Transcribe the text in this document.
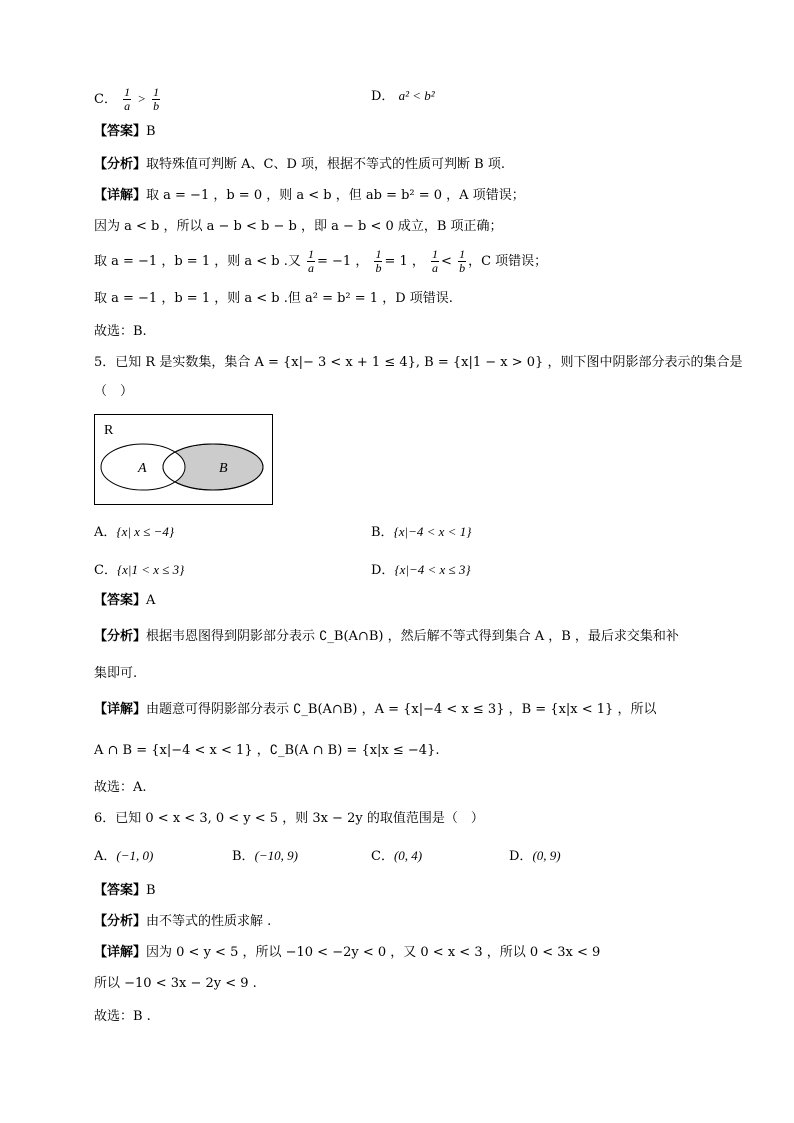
C． $\frac{1}{a} > \frac{1}{b}$	D． a² < b²
【答案】B
【分析】取特殊值可判断 A、C、D 项，根据不等式的性质可判断 B 项.
【详解】取 a = −1 ，b = 0 ，则 a < b ，但 ab = b² = 0 ，A 项错误；
因为 a < b ，所以 a − b < b − b ，即 a − b < 0 成立，B 项正确；
取 a = −1 ，b = 1 ，则 a < b .又 $\frac{1}{a} = -1$ ， $\frac{1}{b} = 1$ ， $\frac{1}{a} < \frac{1}{b}$ ，C 项错误；
取 a = −1 ，b = 1 ，则 a < b .但 a² = b² = 1 ，D 项错误.
故选：B.
5．已知 R 是实数集，集合 A = {x|− 3 < x + 1 ≤ 4}, B = {x|1 − x > 0} ，则下图中阴影部分表示的集合是
（　）
R
A	B
A．{x| x ≤ −4}	B．{x|−4 < x < 1}
C．{x|1 < x ≤ 3}	D．{x|−4 < x ≤ 3}
【答案】A
【分析】根据韦恩图得到阴影部分表示 ∁_B(A∩B) ，然后解不等式得到集合 A ，B ，最后求交集和补
集即可.
【详解】由题意可得阴影部分表示 ∁_B(A∩B) ，A = {x|−4 < x ≤ 3} ，B = {x|x < 1} ，所以
A ∩ B = {x|−4 < x < 1} ，∁_B(A ∩ B) = {x|x ≤ −4}.
故选：A.
6．已知 0 < x < 3, 0 < y < 5 ，则 3x − 2y 的取值范围是（　）
A．(−1, 0)	B．(−10, 9)	C．(0, 4)	D．(0, 9)
【答案】B
【分析】由不等式的性质求解 .
【详解】因为 0 < y < 5 ，所以 −10 < −2y < 0 ，又 0 < x < 3 ，所以 0 < 3x < 9
所以 −10 < 3x − 2y < 9 .
故选：B .
